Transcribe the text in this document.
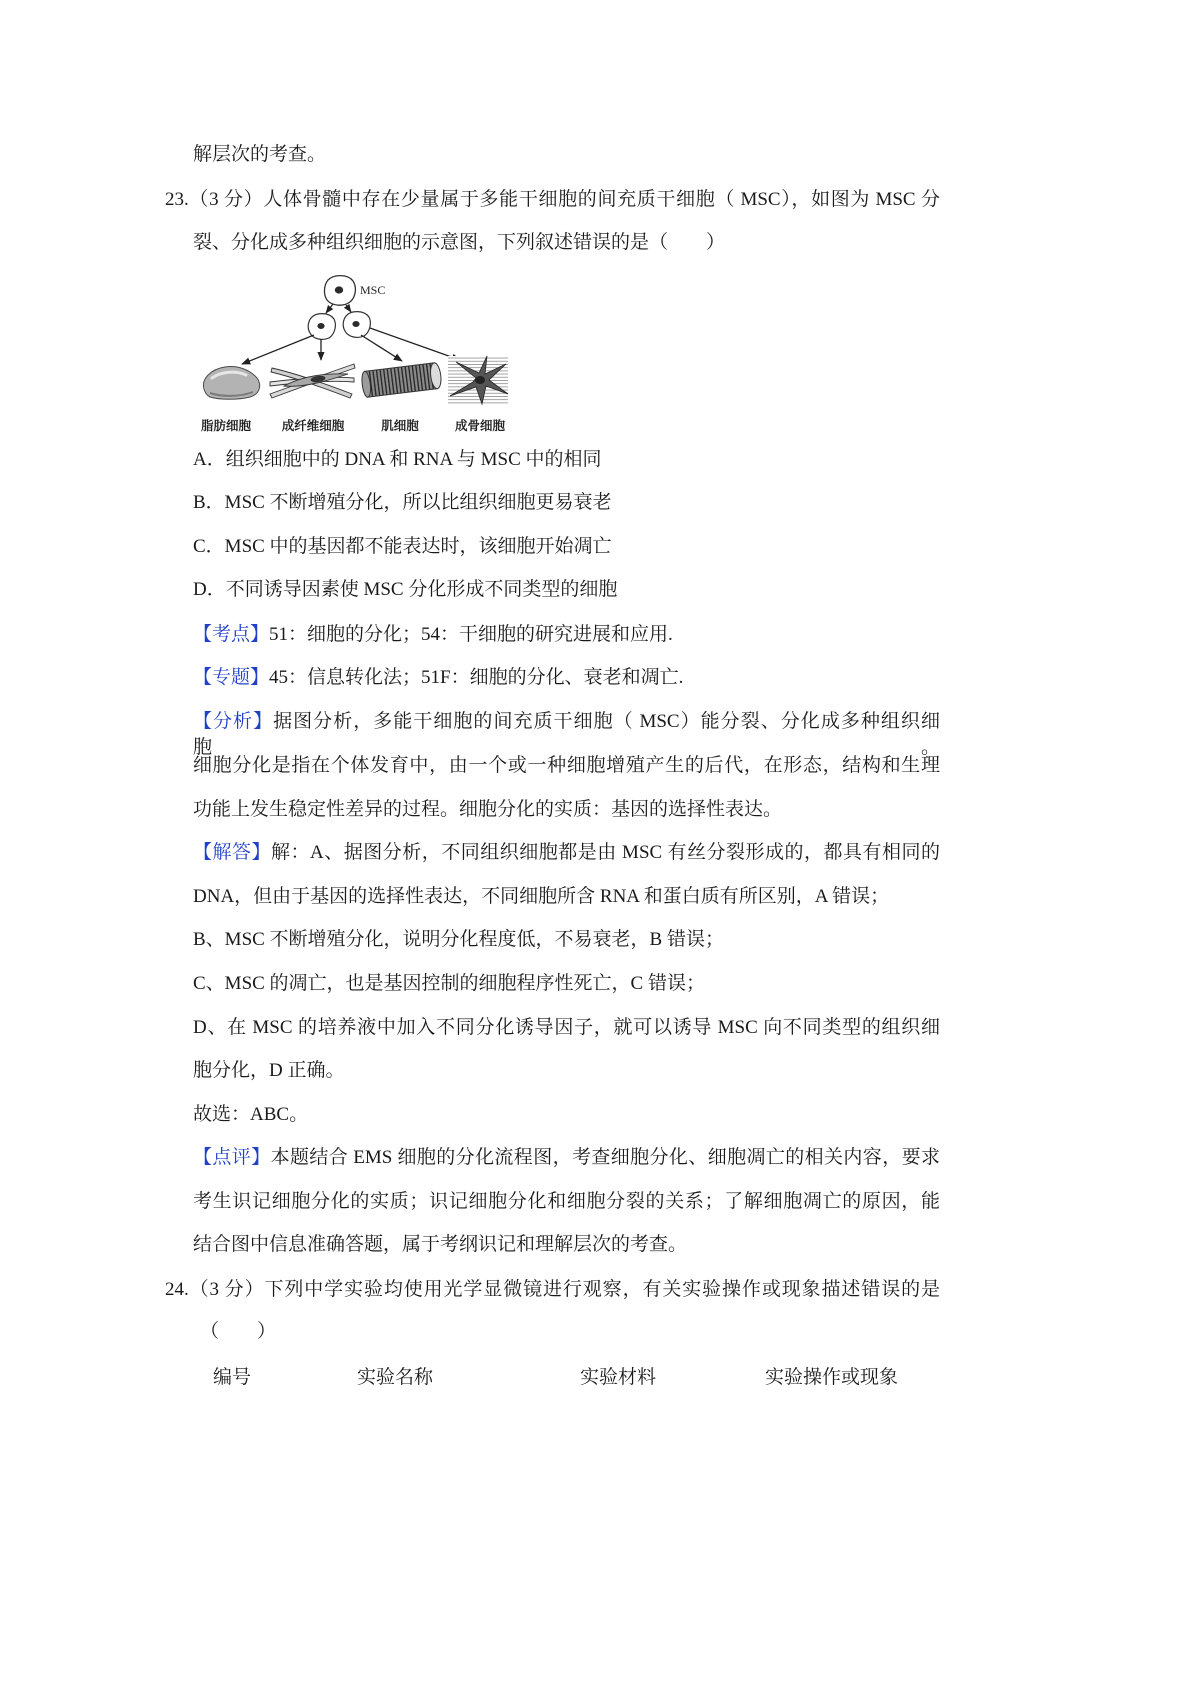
解层次的考查。
23.（3 分）人体骨髓中存在少量属于多能干细胞的间充质干细胞（ MSC），如图为 MSC 分
裂、分化成多种组织细胞的示意图，下列叙述错误的是（　　）
MSC
脂肪细胞 成纤维细胞	肌细胞	成骨细胞
A．组织细胞中的 DNA 和 RNA 与 MSC 中的相同
B．MSC 不断增殖分化，所以比组织细胞更易衰老
C．MSC 中的基因都不能表达时，该细胞开始凋亡
D．不同诱导因素使 MSC 分化形成不同类型的细胞
【考点】51：细胞的分化；54：干细胞的研究进展和应用.
【专题】45：信息转化法；51F：细胞的分化、衰老和凋亡.
【分析】据图分析，多能干细胞的间充质干细胞（ MSC）能分裂、分化成多种组织细胞。
细胞分化是指在个体发育中，由一个或一种细胞增殖产生的后代，在形态，结构和生理
功能上发生稳定性差异的过程。细胞分化的实质：基因的选择性表达。
【解答】解：A、据图分析，不同组织细胞都是由 MSC 有丝分裂形成的，都具有相同的
DNA，但由于基因的选择性表达，不同细胞所含 RNA 和蛋白质有所区别，A 错误；
B、MSC 不断增殖分化，说明分化程度低，不易衰老，B 错误；
C、MSC 的凋亡，也是基因控制的细胞程序性死亡，C 错误；
D、在 MSC 的培养液中加入不同分化诱导因子，就可以诱导 MSC 向不同类型的组织细
胞分化，D 正确。
故选：ABC。
【点评】本题结合 EMS 细胞的分化流程图，考查细胞分化、细胞凋亡的相关内容，要求
考生识记细胞分化的实质；识记细胞分化和细胞分裂的关系；了解细胞凋亡的原因，能
结合图中信息准确答题，属于考纲识记和理解层次的考查。
24.（3 分）下列中学实验均使用光学显微镜进行观察，有关实验操作或现象描述错误的是
（　　）
编号	实验名称	实验材料	实验操作或现象
